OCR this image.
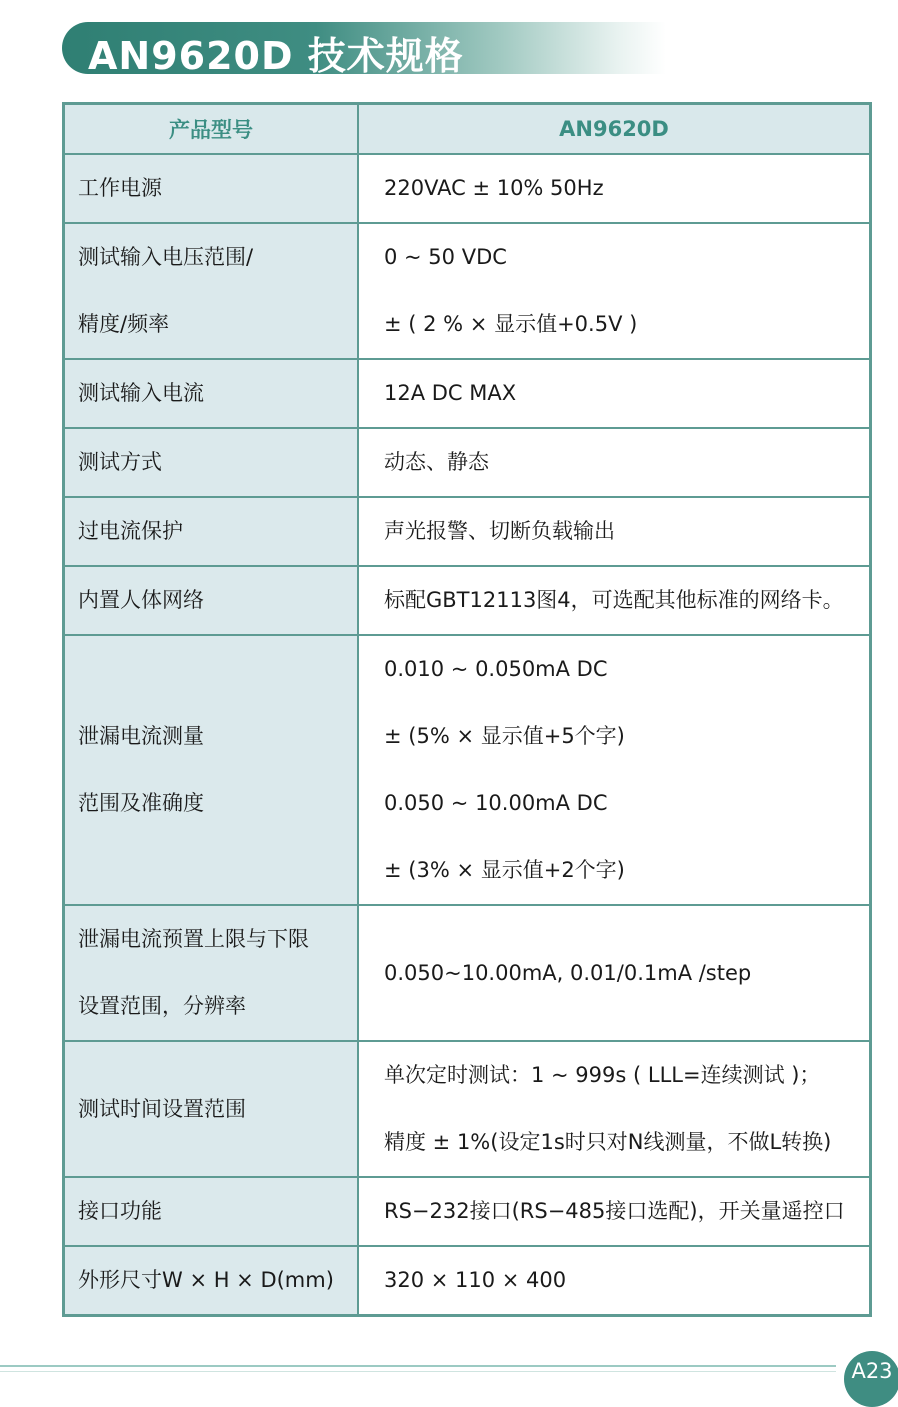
AN9620D 技术规格
产品型号	AN9620D

工作电源	220VAC ± 10% 50Hz

测试输入电压范围/
精度/频率	0 ~ 50 VDC
± ( 2 % × 显示值+0.5V )

测试输入电流	12A DC MAX

测试方式	动态、静态

过电流保护	声光报警、切断负载输出

内置人体网络	标配GBT12113图4，可选配其他标准的网络卡。

泄漏电流测量
范围及准确度	0.010 ~ 0.050mA DC
± (5% × 显示值+5个字)
0.050 ~ 10.00mA DC
± (3% × 显示值+2个字)

泄漏电流预置上限与下限
设置范围，分辨率	0.050~10.00mA, 0.01/0.1mA /step

测试时间设置范围	单次定时测试：1 ~ 999s ( LLL=连续测试 )；
精度 ± 1%(设定1s时只对N线测量，不做L转换)

接口功能	RS−232接口(RS−485接口选配)，开关量遥控口

外形尺寸W × H × D(mm)	320 × 110 × 400
A23
